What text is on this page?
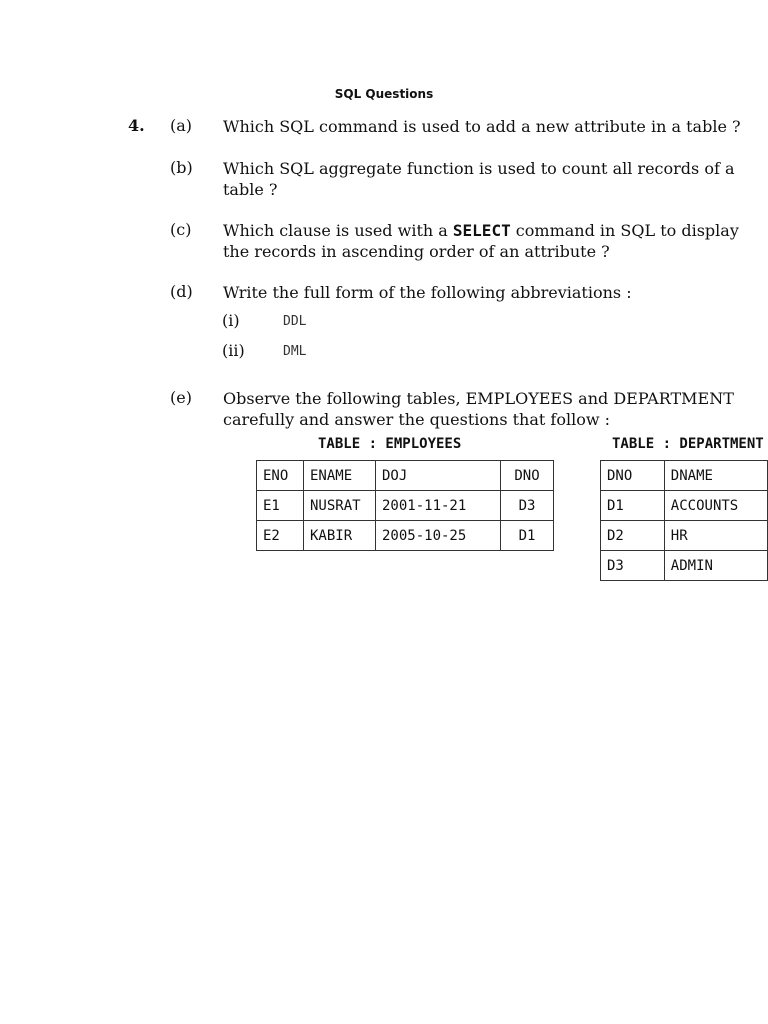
SQL Questions
4. (a) Which SQL command is used to add a new attribute in a table ?
(b) Which SQL aggregate function is used to count all records of a
table ?
(c) Which clause is used with a SELECT command in SQL to display
the records in ascending order of an attribute ?
(d) Write the full form of the following abbreviations :
(i)	DDL
(ii)	DML
(e) Observe the following tables, EMPLOYEES and DEPARTMENT
carefully and answer the questions that follow :
TABLE : EMPLOYEES	TABLE : DEPARTMENT
ENO	ENAME	DOJ	DNO
E1	NUSRAT	2001-11-21	D3
E2	KABIR	2005-10-25	D1
DNO	DNAME
D1	ACCOUNTS
D2	HR
D3	ADMIN
